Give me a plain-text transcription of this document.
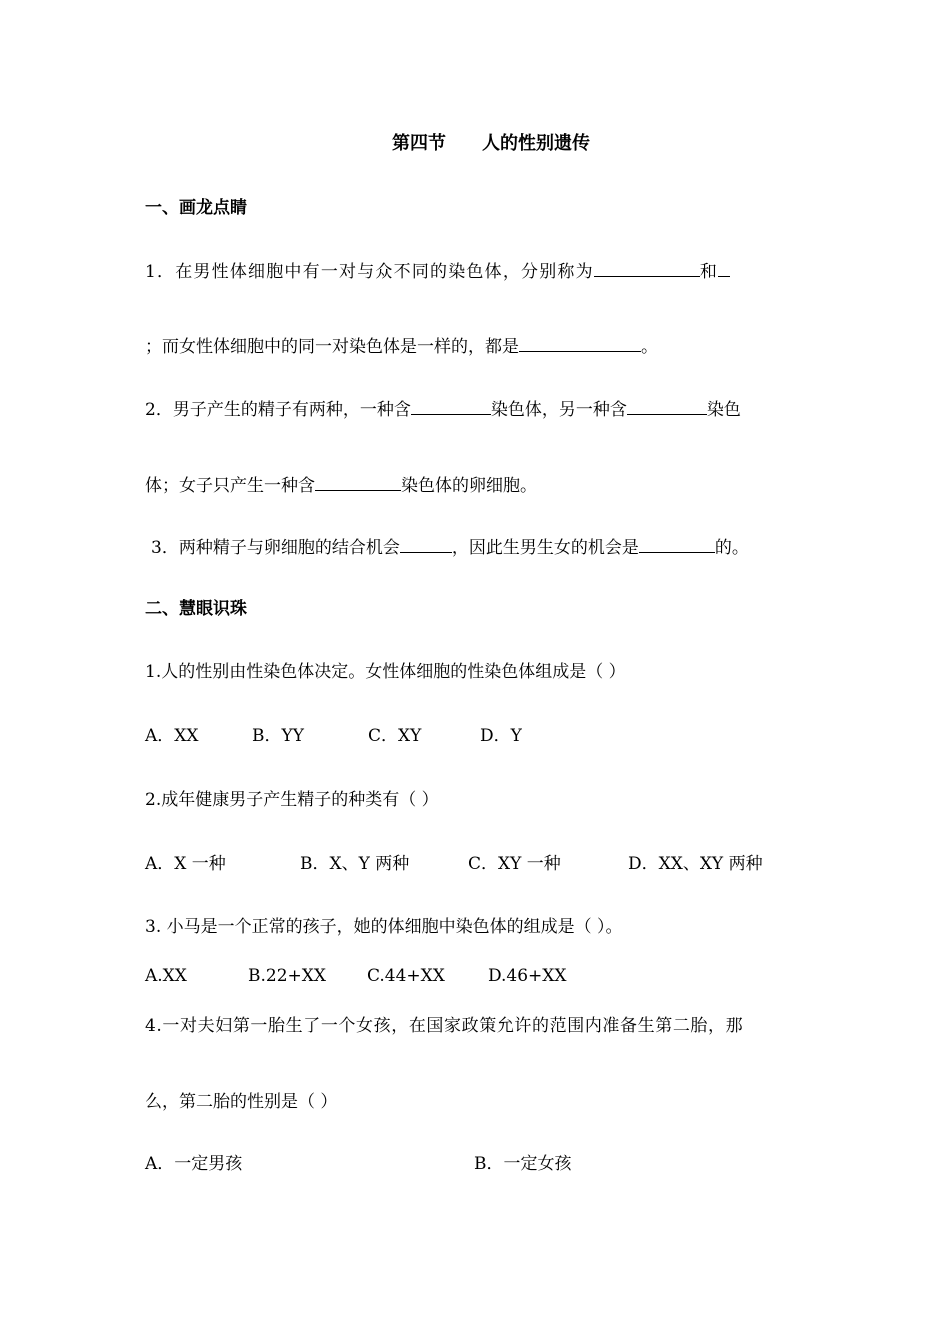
第四节 人的性别遗传
一、画龙点睛
1．在男性体细胞中有一对与众不同的染色体，分别称为	和
；而女性体细胞中的同一对染色体是一样的，都是	。
2．男子产生的精子有两种，一种含	染色体，另一种含	染色
体；女子只产生一种含	染色体的卵细胞。
3．两种精子与卵细胞的结合机会	，因此生男生女的机会是	的。
二、慧眼识珠
1.人的性别由性染色体决定。女性体细胞的性染色体组成是（ ）
A．XX	B．YY	C．XY	D．Y
2.成年健康男子产生精子的种类有（ ）
A．X 一种	B．X、Y 两种	C．XY 一种	D．XX、XY 两种
3. 小马是一个正常的孩子，她的体细胞中染色体的组成是（ ）。
A.XX	B.22+XX C.44+XX	D.46+XX
4.一对夫妇第一胎生了一个女孩，在国家政策允许的范围内准备生第二胎，那
么，第二胎的性别是（ ）
A．一定男孩	B．一定女孩
